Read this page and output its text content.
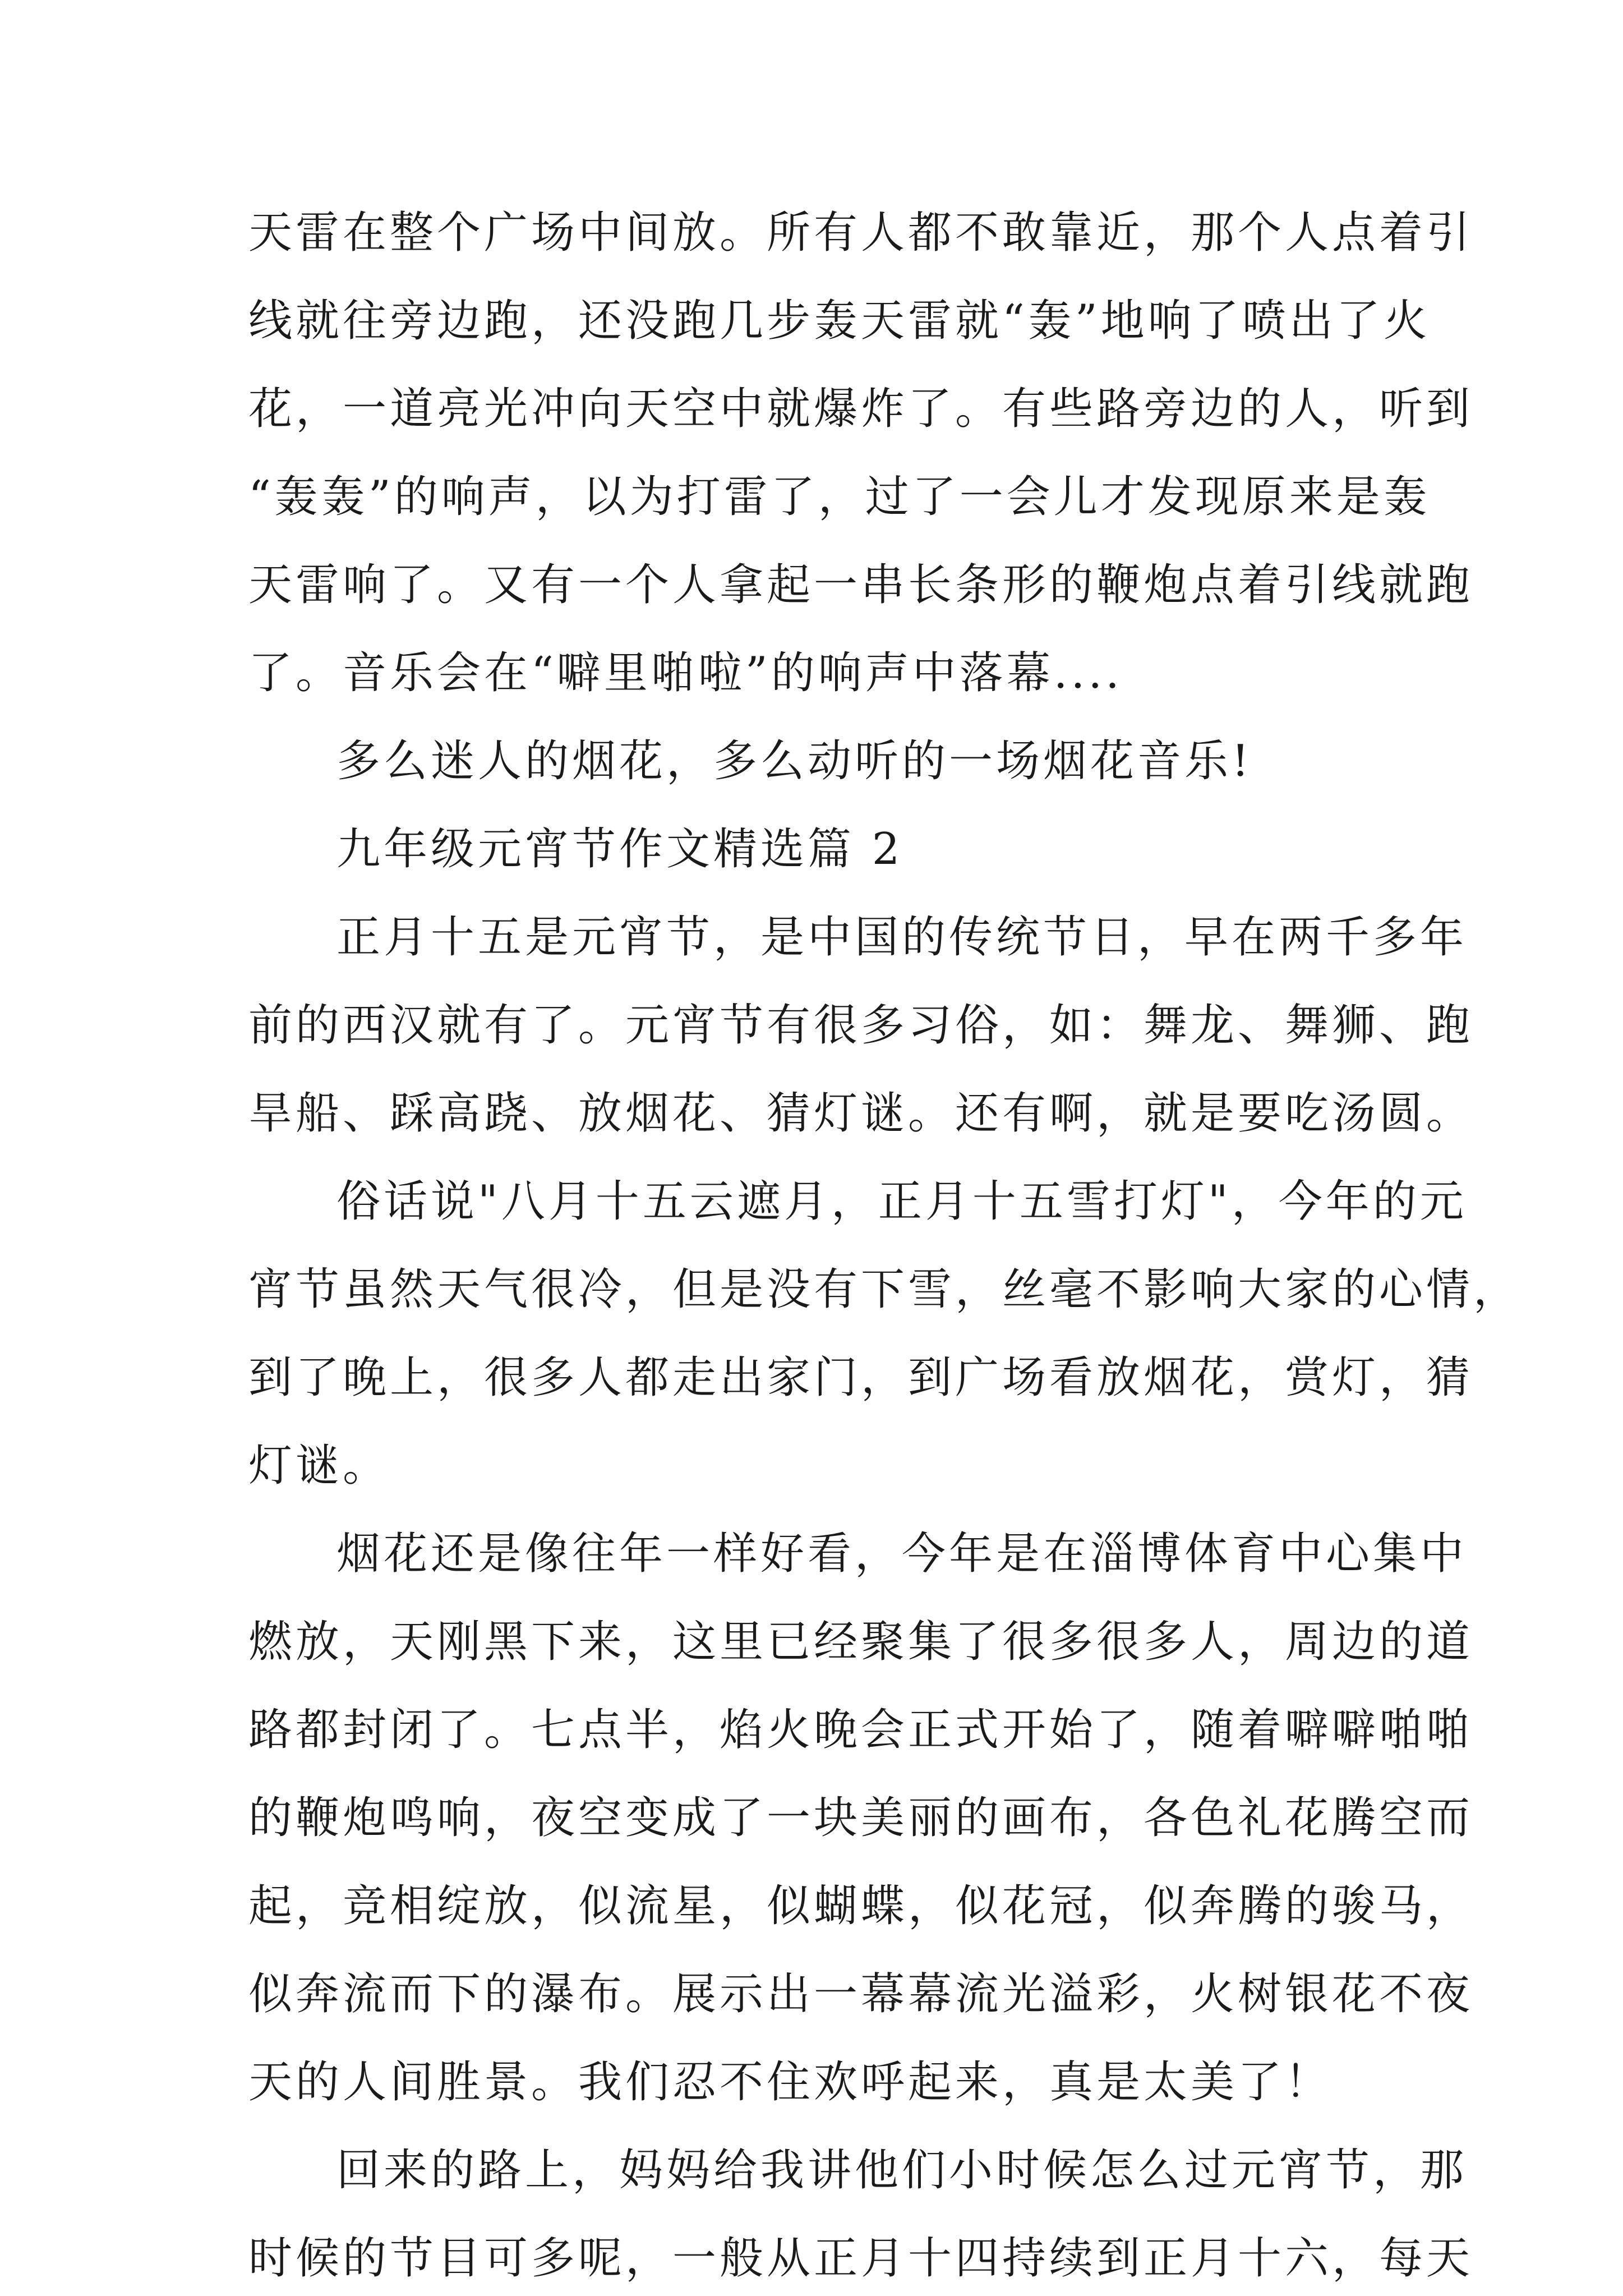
天雷在整个广场中间放。所有人都不敢靠近，那个人点着引
线就往旁边跑，还没跑几步轰天雷就“轰”地响了喷出了火
花，一道亮光冲向天空中就爆炸了。有些路旁边的人，听到
“轰轰”的响声，以为打雷了，过了一会儿才发现原来是轰
天雷响了。又有一个人拿起一串长条形的鞭炮点着引线就跑
了。音乐会在“噼里啪啦”的响声中落幕....
多么迷人的烟花，多么动听的一场烟花音乐!
九年级元宵节作文精选篇 2
正月十五是元宵节，是中国的传统节日，早在两千多年
前的西汉就有了。元宵节有很多习俗，如：舞龙、舞狮、跑
旱船、踩高跷、放烟花、猜灯谜。还有啊，就是要吃汤圆。
俗话说"八月十五云遮月，正月十五雪打灯"，今年的元
宵节虽然天气很冷，但是没有下雪，丝毫不影响大家的心情，
到了晚上，很多人都走出家门，到广场看放烟花，赏灯，猜
灯谜。
烟花还是像往年一样好看，今年是在淄博体育中心集中
燃放，天刚黑下来，这里已经聚集了很多很多人，周边的道
路都封闭了。七点半，焰火晚会正式开始了，随着噼噼啪啪
的鞭炮鸣响，夜空变成了一块美丽的画布，各色礼花腾空而
起，竞相绽放，似流星，似蝴蝶，似花冠，似奔腾的骏马，
似奔流而下的瀑布。展示出一幕幕流光溢彩，火树银花不夜
天的人间胜景。我们忍不住欢呼起来，真是太美了！
回来的路上，妈妈给我讲他们小时候怎么过元宵节，那
时候的节目可多呢，一般从正月十四持续到正月十六，每天
